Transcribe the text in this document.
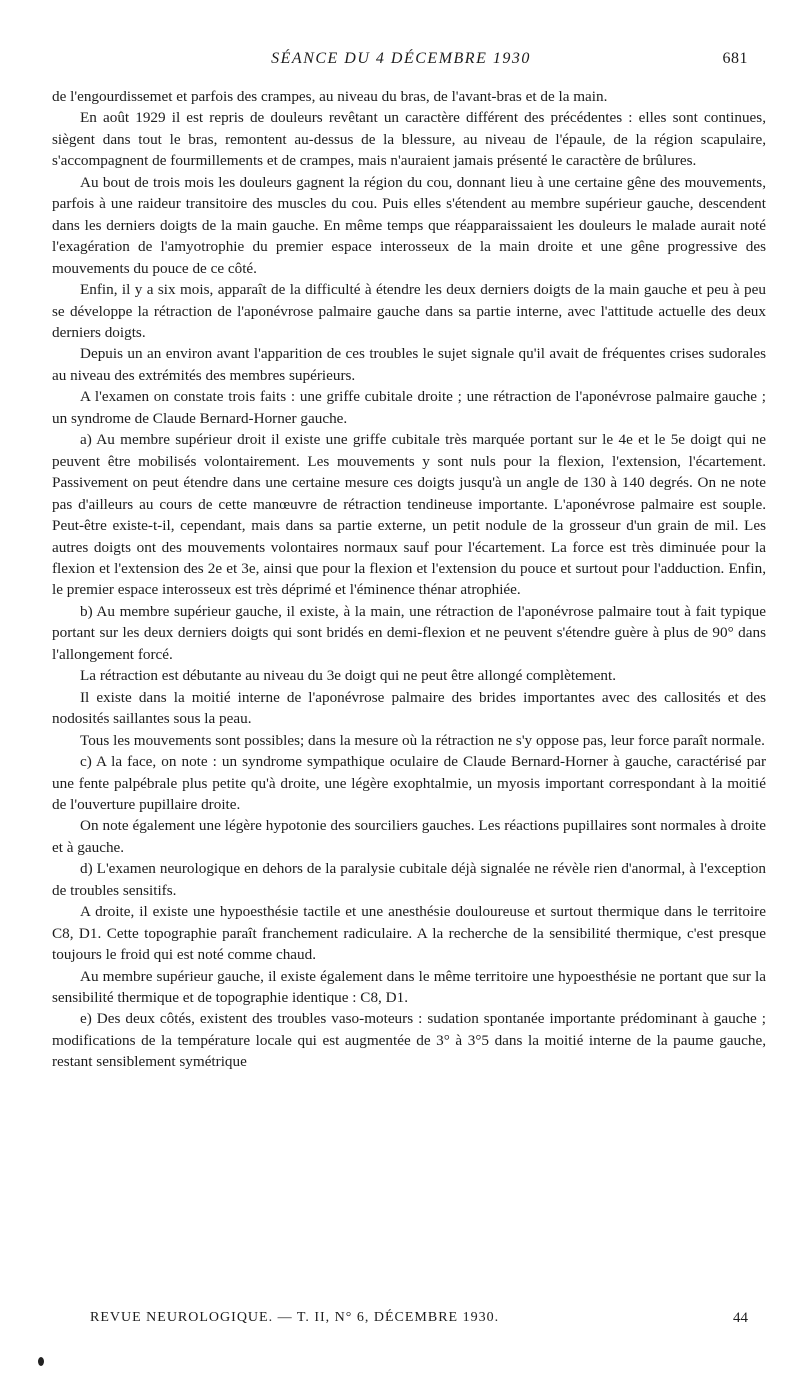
SÉANCE DU 4 DÉCEMBRE 1930	681

de l'engourdissemet et parfois des crampes, au niveau du bras, de l'avant-bras et de la main.

En août 1929 il est repris de douleurs revêtant un caractère différent des précédentes : elles sont continues, siègent dans tout le bras, remontent au-dessus de la blessure, au niveau de l'épaule, de la région scapulaire, s'accompagnent de fourmillements et de crampes, mais n'auraient jamais présenté le caractère de brûlures.

Au bout de trois mois les douleurs gagnent la région du cou, donnant lieu à une certaine gêne des mouvements, parfois à une raideur transitoire des muscles du cou. Puis elles s'étendent au membre supérieur gauche, descendent dans les derniers doigts de la main gauche. En même temps que réapparaissaient les douleurs le malade aurait noté l'exagération de l'amyotrophie du premier espace interosseux de la main droite et une gêne progressive des mouvements du pouce de ce côté.

Enfin, il y a six mois, apparaît de la difficulté à étendre les deux derniers doigts de la main gauche et peu à peu se développe la rétraction de l'aponévrose palmaire gauche dans sa partie interne, avec l'attitude actuelle des deux derniers doigts.

Depuis un an environ avant l'apparition de ces troubles le sujet signale qu'il avait de fréquentes crises sudorales au niveau des extrémités des membres supérieurs.

A l'examen on constate trois faits : une griffe cubitale droite ; une rétraction de l'aponévrose palmaire gauche ; un syndrome de Claude Bernard-Horner gauche.

a) Au membre supérieur droit il existe une griffe cubitale très marquée portant sur le 4e et le 5e doigt qui ne peuvent être mobilisés volontairement. Les mouvements y sont nuls pour la flexion, l'extension, l'écartement. Passivement on peut étendre dans une certaine mesure ces doigts jusqu'à un angle de 130 à 140 degrés. On ne note pas d'ailleurs au cours de cette manœuvre de rétraction tendineuse importante. L'aponévrose palmaire est souple. Peut-être existe-t-il, cependant, mais dans sa partie externe, un petit nodule de la grosseur d'un grain de mil. Les autres doigts ont des mouvements volontaires normaux sauf pour l'écartement. La force est très diminuée pour la flexion et l'extension des 2e et 3e, ainsi que pour la flexion et l'extension du pouce et surtout pour l'adduction. Enfin, le premier espace interosseux est très déprimé et l'éminence thénar atrophiée.

b) Au membre supérieur gauche, il existe, à la main, une rétraction de l'aponévrose palmaire tout à fait typique portant sur les deux derniers doigts qui sont bridés en demi-flexion et ne peuvent s'étendre guère à plus de 90° dans l'allongement forcé.

La rétraction est débutante au niveau du 3e doigt qui ne peut être allongé complètement.

Il existe dans la moitié interne de l'aponévrose palmaire des brides importantes avec des callosités et des nodosités saillantes sous la peau.

Tous les mouvements sont possibles; dans la mesure où la rétraction ne s'y oppose pas, leur force paraît normale.

c) A la face, on note : un syndrome sympathique oculaire de Claude Bernard-Horner à gauche, caractérisé par une fente palpébrale plus petite qu'à droite, une légère exophtalmie, un myosis important correspondant à la moitié de l'ouverture pupillaire droite.

On note également une légère hypotonie des sourciliers gauches. Les réactions pupillaires sont normales à droite et à gauche.

d) L'examen neurologique en dehors de la paralysie cubitale déjà signalée ne révèle rien d'anormal, à l'exception de troubles sensitifs.

A droite, il existe une hypoesthésie tactile et une anesthésie douloureuse et surtout thermique dans le territoire C8, D1. Cette topographie paraît franchement radiculaire. A la recherche de la sensibilité thermique, c'est presque toujours le froid qui est noté comme chaud.

Au membre supérieur gauche, il existe également dans le même territoire une hypoesthésie ne portant que sur la sensibilité thermique et de topographie identique : C8, D1.

e) Des deux côtés, existent des troubles vaso-moteurs : sudation spontanée importante prédominant à gauche ; modifications de la température locale qui est augmentée de 3° à 3°5 dans la moitié interne de la paume gauche, restant sensiblement symétrique

REVUE NEUROLOGIQUE. — T. II, N° 6, DÉCEMBRE 1930.	44
